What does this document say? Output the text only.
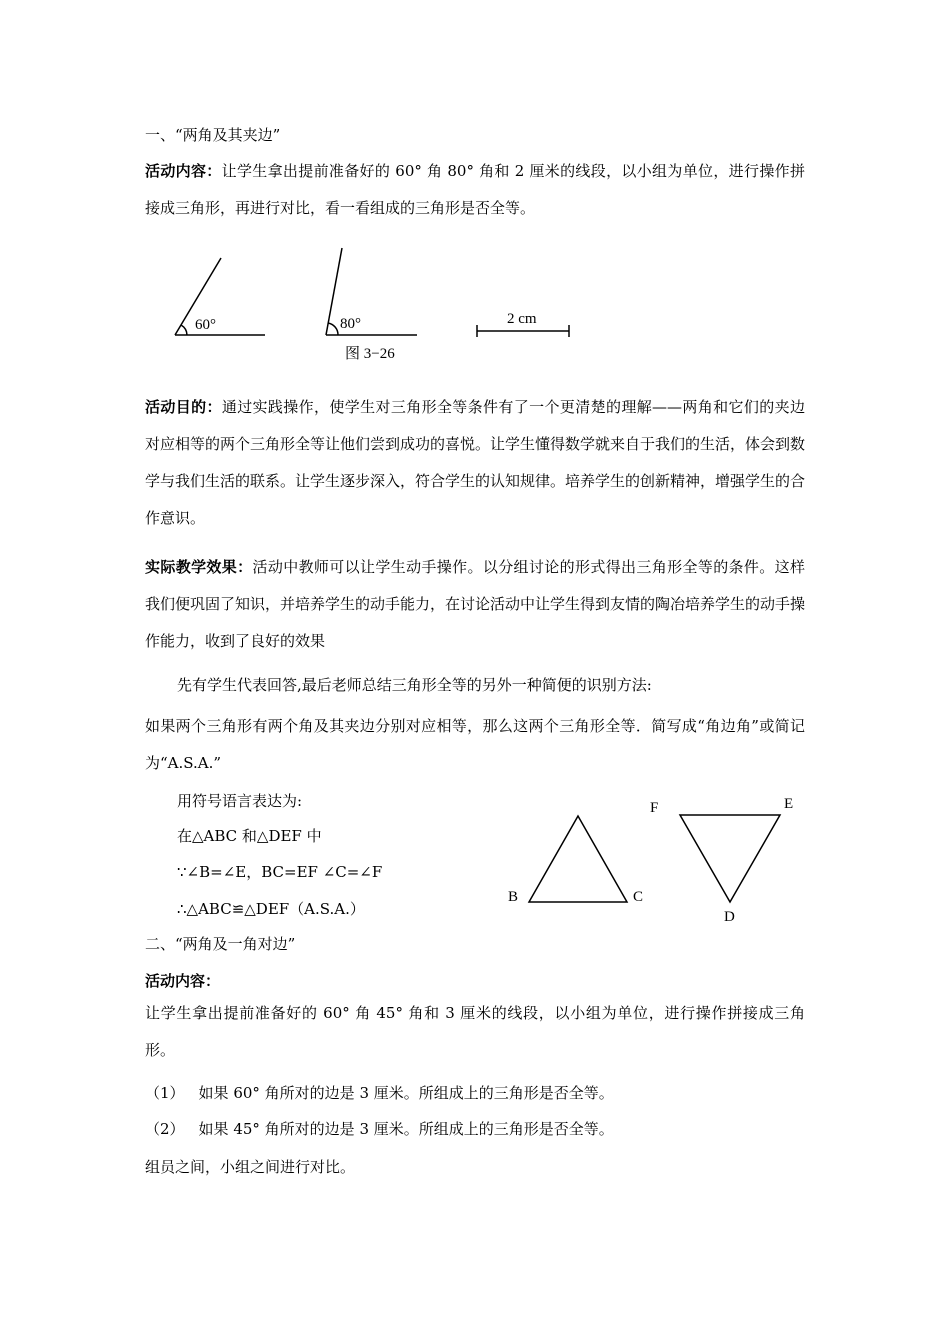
一、“两角及其夹边”
活动内容：让学生拿出提前准备好的 60° 角 80° 角和 2 厘米的线段，以小组为单位，进行操作拼接成三角形，再进行对比，看一看组成的三角形是否全等。
60°	80°	2 cm
图 3−26
活动目的：通过实践操作，使学生对三角形全等条件有了一个更清楚的理解——两角和它们的夹边对应相等的两个三角形全等让他们尝到成功的喜悦。让学生懂得数学就来自于我们的生活，体会到数学与我们生活的联系。让学生逐步深入，符合学生的认知规律。培养学生的创新精神，增强学生的合作意识。
实际教学效果：活动中教师可以让学生动手操作。以分组讨论的形式得出三角形全等的条件。这样我们便巩固了知识，并培养学生的动手能力，在讨论活动中让学生得到友情的陶冶培养学生的动手操作能力，收到了良好的效果
先有学生代表回答,最后老师总结三角形全等的另外一种简便的识别方法:
如果两个三角形有两个角及其夹边分别对应相等，那么这两个三角形全等．简写成“角边角”或简记为“A.S.A.”
用符号语言表达为:
在△ABC 和△DEF 中
∵∠B=∠E，BC=EF ∠C=∠F
∴△ABC≌△DEF（A.S.A.）
B	C
F	E
D
二、“两角及一角对边”
活动内容：
让学生拿出提前准备好的 60° 角 45° 角和 3 厘米的线段，以小组为单位，进行操作拼接成三角形。
（1） 如果 60° 角所对的边是 3 厘米。所组成上的三角形是否全等。
（2） 如果 45° 角所对的边是 3 厘米。所组成上的三角形是否全等。
组员之间，小组之间进行对比。
